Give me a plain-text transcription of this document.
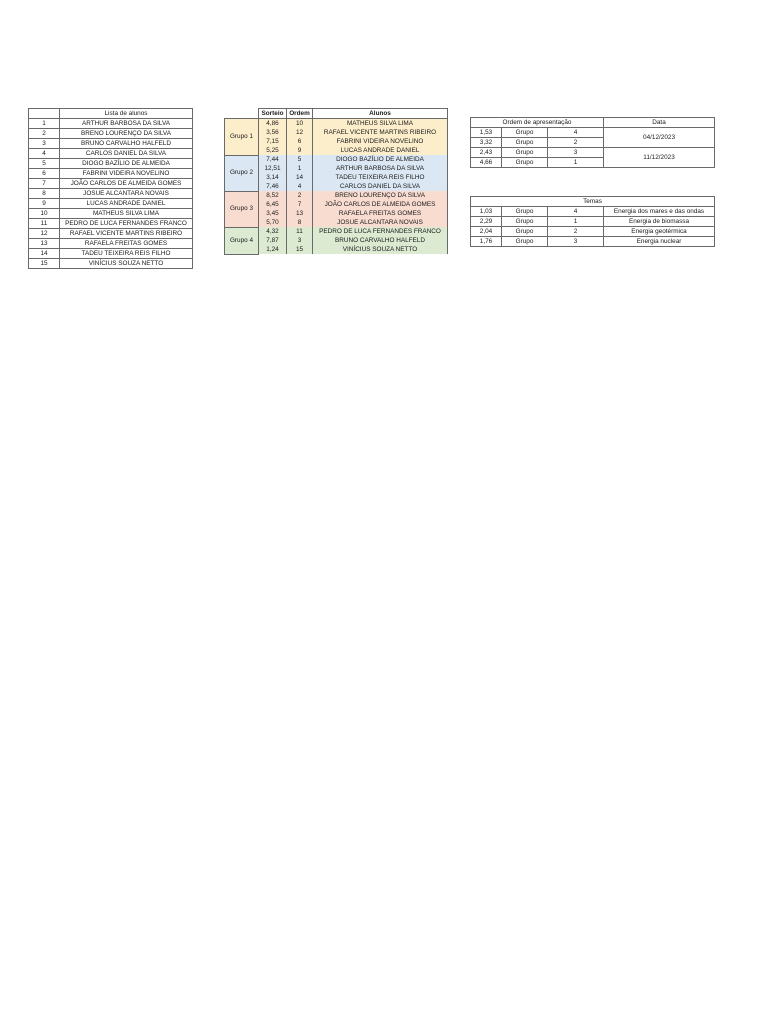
	Lista de alunos
1	ARTHUR BARBOSA DA SILVA
2	BRENO LOURENÇO DA SILVA
3	BRUNO CARVALHO HALFELD
4	CARLOS DANIEL DA SILVA
5	DIOGO BAZÍLIO DE ALMEIDA
6	FABRINI VIDEIRA NOVELINO
7	JOÃO CARLOS DE ALMEIDA GOMES
8	JOSUE ALCANTARA NOVAIS
9	LUCAS ANDRADE DANIEL
10	MATHEUS SILVA LIMA
11	PEDRO DE LUCA FERNANDES FRANCO
12	RAFAEL VICENTE MARTINS RIBEIRO
13	RAFAELA FREITAS GOMES
14	TADEU TEIXEIRA REIS FILHO
15	VINÍCIUS SOUZA NETTO
	Sorteio	Ordem	Alunos
Grupo 1	4,86	10	MATHEUS SILVA LIMA
	3,56	12	RAFAEL VICENTE MARTINS RIBEIRO
	7,15	6	FABRINI VIDEIRA NOVELINO
	5,25	9	LUCAS ANDRADE DANIEL
Grupo 2	7,44	5	DIOGO BAZÍLIO DE ALMEIDA
	12,51	1	ARTHUR BARBOSA DA SILVA
	3,14	14	TADEU TEIXEIRA REIS FILHO
	7,46	4	CARLOS DANIEL DA SILVA
Grupo 3	8,52	2	BRENO LOURENÇO DA SILVA
	6,45	7	JOÃO CARLOS DE ALMEIDA GOMES
	3,45	13	RAFAELA FREITAS GOMES
	5,70	8	JOSUE ALCANTARA NOVAIS
Grupo 4	4,32	11	PEDRO DE LUCA FERNANDES FRANCO
	7,87	3	BRUNO CARVALHO HALFELD
	1,24	15	VINÍCIUS SOUZA NETTO
Ordem de apresentação			Data
1,53	Grupo	4	04/12/2023
3,32	Grupo	2	
2,43	Grupo	3	11/12/2023
4,66	Grupo	1	
Temas			
1,03	Grupo	4	Energia dos mares e das ondas
2,29	Grupo	1	Energia de biomassa
2,04	Grupo	2	Energia geotérmica
1,76	Grupo	3	Energia nuclear
